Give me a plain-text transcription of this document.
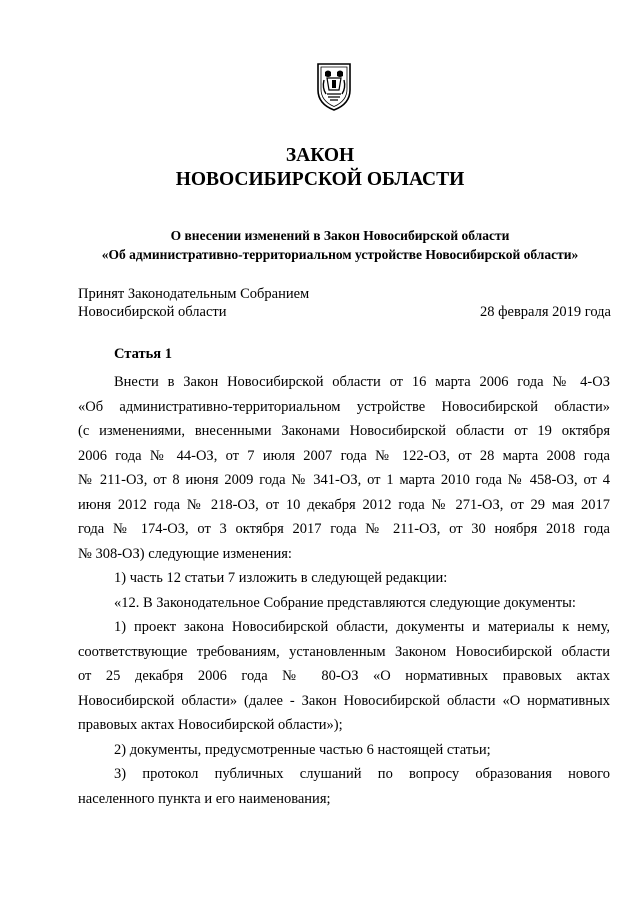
ЗАКОН
НОВОСИБИРСКОЙ ОБЛАСТИ
О внесении изменений в Закон Новосибирской области
«Об административно-территориальном устройстве Новосибирской области»
Принят Законодательным Собранием
Новосибирской области	28 февраля 2019 года
Статья 1
Внести в Закон Новосибирской области от 16 марта 2006 года № 4-ОЗ
«Об административно-территориальном устройстве Новосибирской области»
(с изменениями, внесенными Законами Новосибирской области от 19 октября
2006 года № 44-ОЗ, от 7 июля 2007 года № 122-ОЗ, от 28 марта 2008 года
№ 211-ОЗ, от 8 июня 2009 года № 341-ОЗ, от 1 марта 2010 года № 458-ОЗ, от 4
июня 2012 года № 218-ОЗ, от 10 декабря 2012 года № 271-ОЗ, от 29 мая 2017
года № 174-ОЗ, от 3 октября 2017 года № 211-ОЗ, от 30 ноября 2018 года
№ 308-ОЗ) следующие изменения:
1) часть 12 статьи 7 изложить в следующей редакции:
«12. В Законодательное Собрание представляются следующие документы:
1) проект закона Новосибирской области, документы и материалы к нему,
соответствующие требованиям, установленным Законом Новосибирской области
от 25 декабря 2006 года № 80-ОЗ «О нормативных правовых актах
Новосибирской области» (далее - Закон Новосибирской области «О нормативных
правовых актах Новосибирской области»);
2) документы, предусмотренные частью 6 настоящей статьи;
3) протокол публичных слушаний по вопросу образования нового
населенного пункта и его наименования;
